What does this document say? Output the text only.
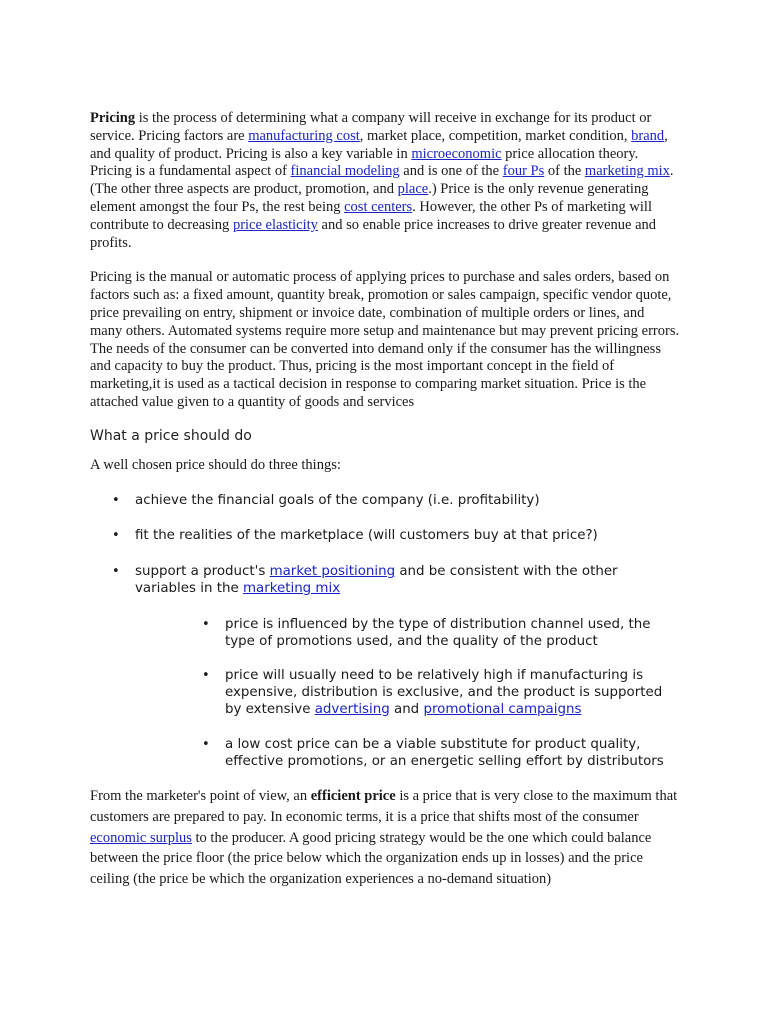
Pricing is the process of determining what a company will receive in exchange for its product or service. Pricing factors are manufacturing cost, market place, competition, market condition, brand, and quality of product. Pricing is also a key variable in microeconomic price allocation theory. Pricing is a fundamental aspect of financial modeling and is one of the four Ps of the marketing mix. (The other three aspects are product, promotion, and place.) Price is the only revenue generating element amongst the four Ps, the rest being cost centers. However, the other Ps of marketing will contribute to decreasing price elasticity and so enable price increases to drive greater revenue and profits.

Pricing is the manual or automatic process of applying prices to purchase and sales orders, based on factors such as: a fixed amount, quantity break, promotion or sales campaign, specific vendor quote, price prevailing on entry, shipment or invoice date, combination of multiple orders or lines, and many others. Automated systems require more setup and maintenance but may prevent pricing errors. The needs of the consumer can be converted into demand only if the consumer has the willingness and capacity to buy the product. Thus, pricing is the most important concept in the field of marketing,it is used as a tactical decision in response to comparing market situation. Price is the attached value given to a quantity of goods and services

What a price should do

A well chosen price should do three things:

• achieve the financial goals of the company (i.e. profitability)
• fit the realities of the marketplace (will customers buy at that price?)
• support a product's market positioning and be consistent with the other variables in the marketing mix
• price is influenced by the type of distribution channel used, the type of promotions used, and the quality of the product
• price will usually need to be relatively high if manufacturing is expensive, distribution is exclusive, and the product is supported by extensive advertising and promotional campaigns
• a low cost price can be a viable substitute for product quality, effective promotions, or an energetic selling effort by distributors

From the marketer's point of view, an efficient price is a price that is very close to the maximum that customers are prepared to pay. In economic terms, it is a price that shifts most of the consumer economic surplus to the producer. A good pricing strategy would be the one which could balance between the price floor (the price below which the organization ends up in losses) and the price ceiling (the price be which the organization experiences a no-demand situation)
